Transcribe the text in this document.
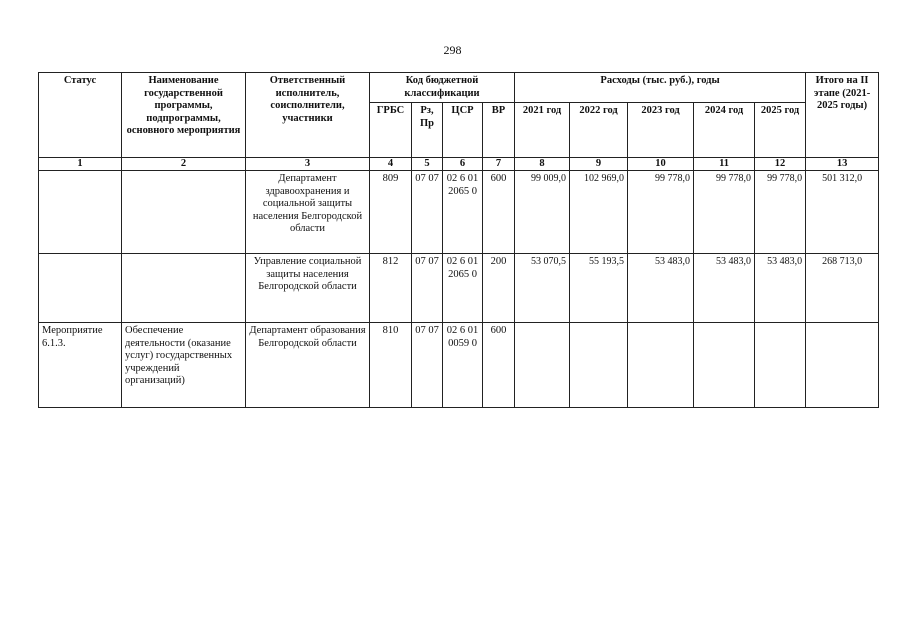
298
Статус	Наименование государственной программы, подпрограммы, основного мероприятия	Ответственный исполнитель, соисполнители, участники	Код бюджетной классификации				Расходы (тыс. руб.), годы					Итого на II этапе (2021-2025 годы)
			ГРБС	Рз, Пр	ЦСР	ВР	2021 год	2022 год	2023 год	2024 год	2025 год	
1	2	3	4	5	6	7	8	9	10	11	12	13
		Департамент здравоохранения и социальной защиты населения Белгородской области	809	07 07	02 6 01 2065 0	600	99 009,0	102 969,0	99 778,0	99 778,0	99 778,0	501 312,0
		Управление социальной защиты населения Белгородской области	812	07 07	02 6 01 2065 0	200	53 070,5	55 193,5	53 483,0	53 483,0	53 483,0	268 713,0
Мероприятие 6.1.3.	Обеспечение деятельности (оказание услуг) государственных учреждений организаций)	Департамент образования Белгородской области	810	07 07	02 6 01 0059 0	600						
